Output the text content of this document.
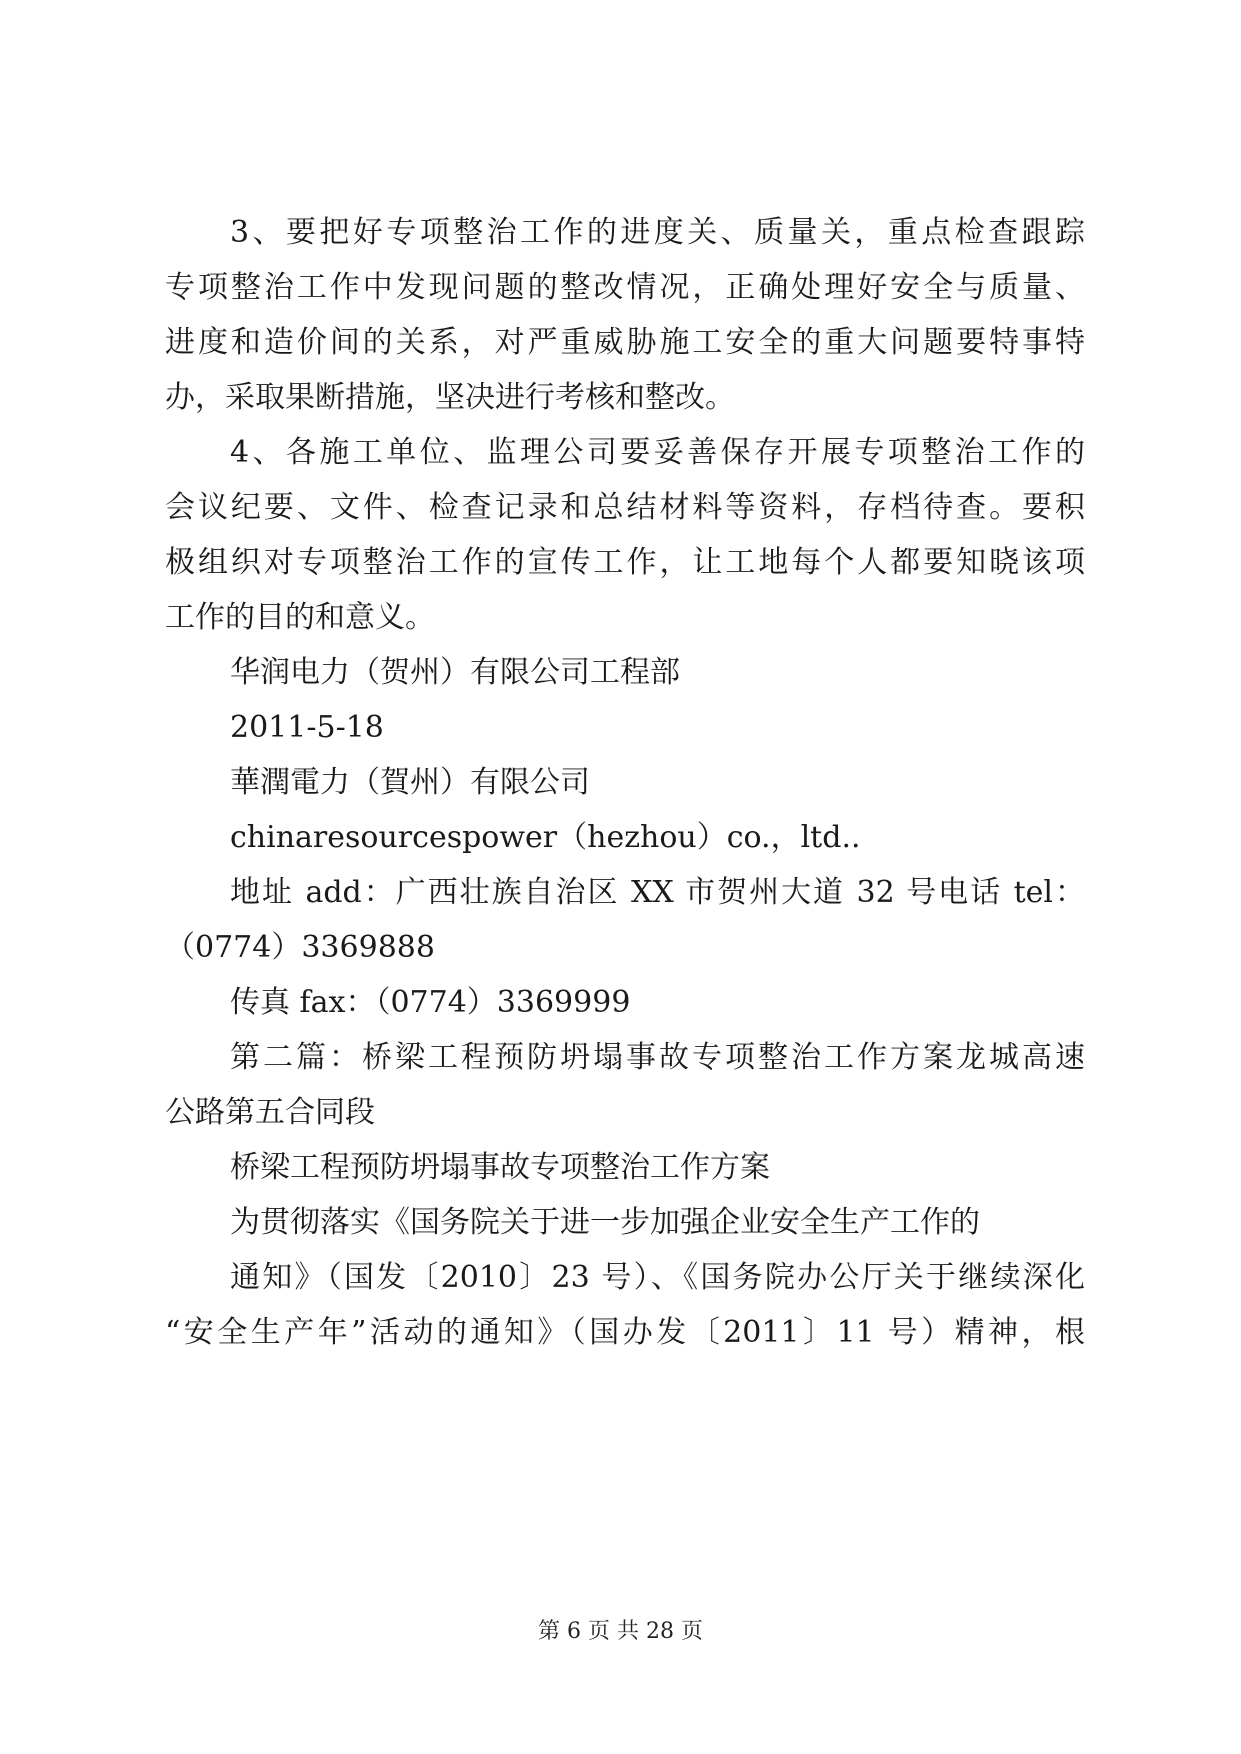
3、要把好专项整治工作的进度关、质量关，重点检查跟踪
专项整治工作中发现问题的整改情况，正确处理好安全与质量、
进度和造价间的关系，对严重威胁施工安全的重大问题要特事特
办，采取果断措施，坚决进行考核和整改。
4、各施工单位、监理公司要妥善保存开展专项整治工作的
会议纪要、文件、检查记录和总结材料等资料，存档待查。要积
极组织对专项整治工作的宣传工作，让工地每个人都要知晓该项
工作的目的和意义。
华润电力（贺州）有限公司工程部
2011-5-18
華潤電力（賀州）有限公司
chinaresourcespower（hezhou）co.，ltd..
地址 add：广西壮族自治区 XX 市贺州大道 32 号电话 tel：
（0774）3369888
传真 fax：（0774）3369999
第二篇：桥梁工程预防坍塌事故专项整治工作方案龙城高速
公路第五合同段
桥梁工程预防坍塌事故专项整治工作方案
为贯彻落实《国务院关于进一步加强企业安全生产工作的
通知》（国发〔2010〕23 号）、《国务院办公厅关于继续深化
“安全生产年”活动的通知》（国办发〔2011〕11 号）精神，根
第 6 页 共 28 页
